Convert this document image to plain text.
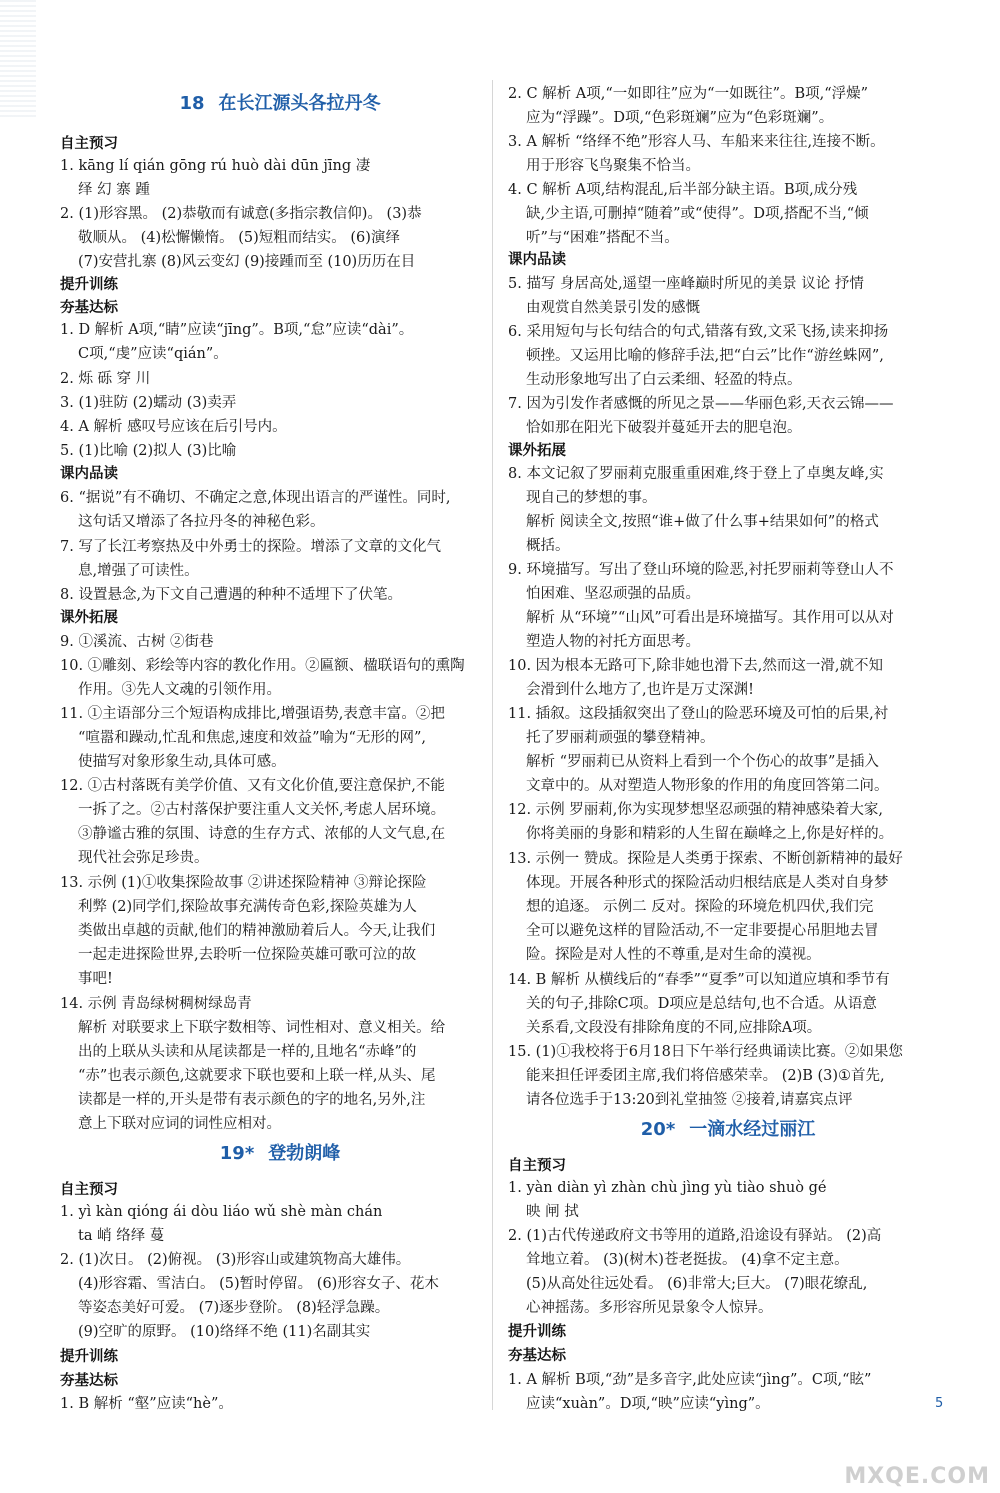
18 在长江源头各拉丹冬
自主预习
1. kāng lí qián gōng rú huò dài dūn jīng 凄
绎 幻 寨 踵
2. (1)形容黑。 (2)恭敬而有诚意(多指宗教信仰)。 (3)恭
敬顺从。 (4)松懈懒惰。 (5)短粗而结实。 (6)演绎
(7)安营扎寨 (8)风云变幻 (9)接踵而至 (10)历历在目
提升训练
夯基达标
1. D 解析 A项,“睛”应读“jīng”。B项,“怠”应读“dài”。
C项,“虔”应读“qián”。
2. 烁 砾 穿 川
3. (1)驻防 (2)蠕动 (3)卖弄
4. A 解析 感叹号应该在后引号内。
5. (1)比喻 (2)拟人 (3)比喻
课内品读
6. “据说”有不确切、不确定之意,体现出语言的严谨性。同时,
这句话又增添了各拉丹冬的神秘色彩。
7. 写了长江考察热及中外勇士的探险。增添了文章的文化气
息,增强了可读性。
8. 设置悬念,为下文自己遭遇的种种不适埋下了伏笔。
课外拓展
9. ①溪流、古树 ②街巷
10. ①雕刻、彩绘等内容的教化作用。②匾额、楹联语句的熏陶
作用。③先人文魂的引领作用。
11. ①主语部分三个短语构成排比,增强语势,表意丰富。②把
“喧嚣和躁动,忙乱和焦虑,速度和效益”喻为“无形的网”,
使描写对象形象生动,具体可感。
12. ①古村落既有美学价值、又有文化价值,要注意保护,不能
一拆了之。②古村落保护要注重人文关怀,考虑人居环境。
③静谧古雅的氛围、诗意的生存方式、浓郁的人文气息,在
现代社会弥足珍贵。
13. 示例 (1)①收集探险故事 ②讲述探险精神 ③辩论探险
利弊 (2)同学们,探险故事充满传奇色彩,探险英雄为人
类做出卓越的贡献,他们的精神激励着后人。今天,让我们
一起走进探险世界,去聆听一位探险英雄可歌可泣的故
事吧!
14. 示例 青岛绿树稠树绿岛青
解析 对联要求上下联字数相等、词性相对、意义相关。给
出的上联从头读和从尾读都是一样的,且地名“赤峰”的
“赤”也表示颜色,这就要求下联也要和上联一样,从头、尾
读都是一样的,开头是带有表示颜色的字的地名,另外,注
意上下联对应词的词性应相对。
19* 登勃朗峰
自主预习
1. yì kàn qióng ái dòu liáo wǔ shè màn chán
ta 峭 络绎 蔓
2. (1)次日。 (2)俯视。 (3)形容山或建筑物高大雄伟。
(4)形容霜、雪洁白。 (5)暂时停留。 (6)形容女子、花木
等姿态美好可爱。 (7)逐步登阶。 (8)轻浮急躁。
(9)空旷的原野。 (10)络绎不绝 (11)名副其实
提升训练
夯基达标
1. B 解析 “壑”应读“hè”。
2. C 解析 A项,“一如即往”应为“一如既往”。B项,“浮燥”
应为“浮躁”。D项,“色彩斑斓”应为“色彩斑斓”。
3. A 解析 “络绎不绝”形容人马、车船来来往往,连接不断。
用于形容飞鸟聚集不恰当。
4. C 解析 A项,结构混乱,后半部分缺主语。B项,成分残
缺,少主语,可删掉“随着”或“使得”。D项,搭配不当,“倾
听”与“困难”搭配不当。
课内品读
5. 描写 身居高处,遥望一座峰巅时所见的美景 议论 抒情
由观赏自然美景引发的感慨
6. 采用短句与长句结合的句式,错落有致,文采飞扬,读来抑扬
顿挫。又运用比喻的修辞手法,把“白云”比作“游丝蛛网”,
生动形象地写出了白云柔细、轻盈的特点。
7. 因为引发作者感慨的所见之景——华丽色彩,天衣云锦——
恰如那在阳光下破裂并蔓延开去的肥皂泡。
课外拓展
8. 本文记叙了罗丽莉克服重重困难,终于登上了卓奥友峰,实
现自己的梦想的事。
解析 阅读全文,按照“谁+做了什么事+结果如何”的格式
概括。
9. 环境描写。写出了登山环境的险恶,衬托罗丽莉等登山人不
怕困难、坚忍顽强的品质。
解析 从“环境”“山风”可看出是环境描写。其作用可以从对
塑造人物的衬托方面思考。
10. 因为根本无路可下,除非她也滑下去,然而这一滑,就不知
会滑到什么地方了,也许是万丈深渊!
11. 插叙。这段插叙突出了登山的险恶环境及可怕的后果,衬
托了罗丽莉顽强的攀登精神。
解析 “罗丽莉已从资料上看到一个个伤心的故事”是插入
文章中的。从对塑造人物形象的作用的角度回答第二问。
12. 示例 罗丽莉,你为实现梦想坚忍顽强的精神感染着大家,
你将美丽的身影和精彩的人生留在巅峰之上,你是好样的。
13. 示例一 赞成。探险是人类勇于探索、不断创新精神的最好
体现。开展各种形式的探险活动归根结底是人类对自身梦
想的追逐。 示例二 反对。探险的环境危机四伏,我们完
全可以避免这样的冒险活动,不一定非要提心吊胆地去冒
险。探险是对人性的不尊重,是对生命的漠视。
14. B 解析 从横线后的“春季”“夏季”可以知道应填和季节有
关的句子,排除C项。D项应是总结句,也不合适。从语意
关系看,文段没有排除角度的不同,应排除A项。
15. (1)①我校将于6月18日下午举行经典诵读比赛。②如果您
能来担任评委团主席,我们将倍感荣幸。 (2)B (3)①首先,
请各位选手于13:20到礼堂抽签 ②接着,请嘉宾点评
20* 一滴水经过丽江
自主预习
1. yàn diàn yì zhàn chù jìng yù tiào shuò gé
映 闸 拭
2. (1)古代传递政府文书等用的道路,沿途设有驿站。 (2)高
耸地立着。 (3)(树木)苍老挺拔。 (4)拿不定主意。
(5)从高处往远处看。 (6)非常大;巨大。 (7)眼花缭乱,
心神摇荡。多形容所见景象令人惊异。
提升训练
夯基达标
1. A 解析 B项,“劲”是多音字,此处应读“jìng”。C项,“眩”
应读“xuàn”。D项,“映”应读“yìng”。	5
MXQE.COM
